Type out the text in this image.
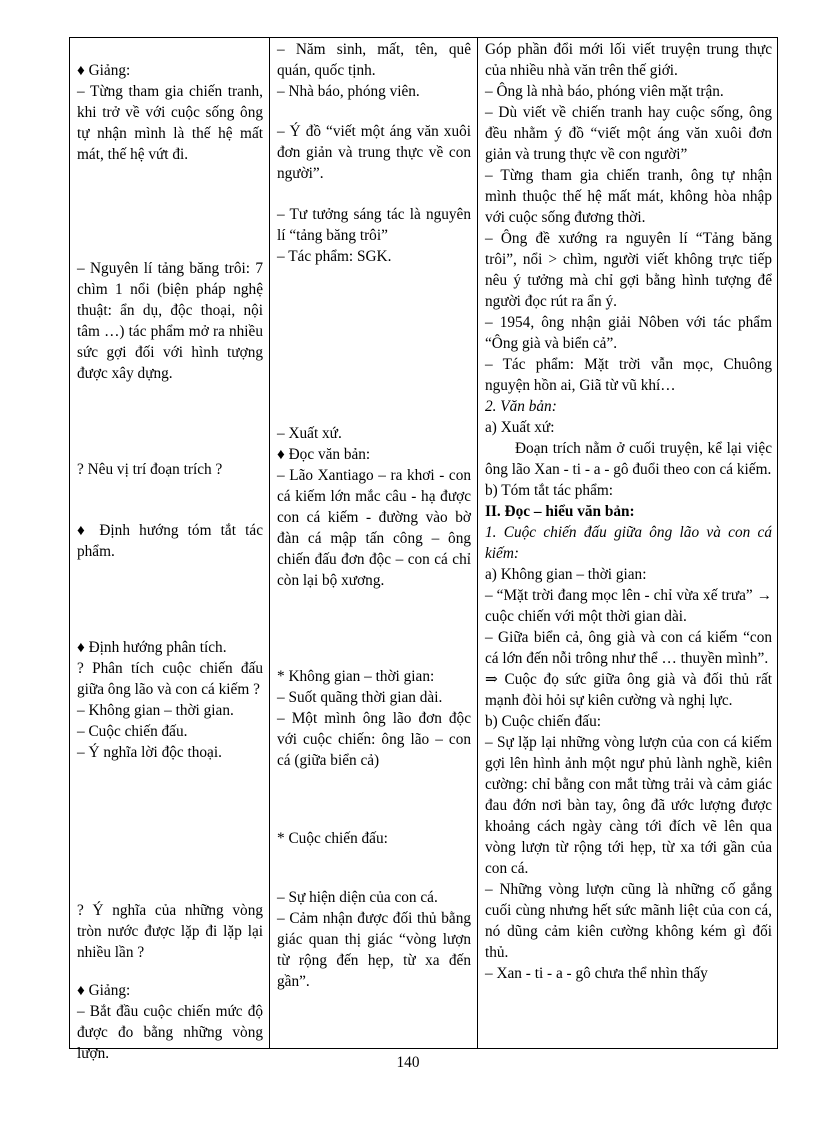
♦ Giảng:

– Từng tham gia chiến tranh, khi trở về với cuộc sống ông tự nhận mình là thế hệ mất mát, thế hệ vứt đi.

– Nguyên lí tảng băng trôi: 7 chìm 1 nổi (biện pháp nghệ thuật: ẩn dụ, độc thoại, nội tâm …) tác phẩm mở ra nhiều sức gợi đối với hình tượng được xây dựng.

? Nêu vị trí đoạn trích ?

♦ Định hướng tóm tắt tác phẩm.

♦ Định hướng phân tích.

? Phân tích cuộc chiến đấu giữa ông lão và con cá kiếm ?

– Không gian – thời gian.

– Cuộc chiến đấu.

– Ý nghĩa lời độc thoại.

? Ý nghĩa của những vòng tròn nước được lặp đi lặp lại nhiều lần ?

♦ Giảng:

– Bắt đầu cuộc chiến mức độ được đo bằng những vòng lượn.

– Năm sinh, mất, tên, quê quán, quốc tịnh.

– Nhà báo, phóng viên.

– Ý đồ “viết một áng văn xuôi đơn giản và trung thực về con người”.

– Tư tưởng sáng tác là nguyên lí “tảng băng trôi”

– Tác phẩm: SGK.

– Xuất xứ.

♦ Đọc văn bản:

– Lão Xantiago – ra khơi - con cá kiếm lớn mắc câu - hạ được con cá kiếm - đường vào bờ đàn cá mập tấn công – ông chiến đấu đơn độc – con cá chỉ còn lại bộ xương.

* Không gian – thời gian:

– Suốt quãng thời gian dài.

– Một mình ông lão đơn độc với cuộc chiến: ông lão – con cá (giữa biển cả)

* Cuộc chiến đấu:

– Sự hiện diện của con cá.

– Cảm nhận được đối thủ bằng giác quan thị giác “vòng lượn từ rộng đến hẹp, từ xa đến gần”.

Góp phần đổi mới lối viết truyện trung thực của nhiều nhà văn trên thế giới.

– Ông là nhà báo, phóng viên mặt trận.

– Dù viết về chiến tranh hay cuộc sống, ông đều nhằm ý đồ “viết một áng văn xuôi đơn giản và trung thực về con người”

– Từng tham gia chiến tranh, ông tự nhận mình thuộc thế hệ mất mát, không hòa nhập với cuộc sống đương thời.

– Ông đề xướng ra nguyên lí “Tảng băng trôi”, nổi > chìm, người viết không trực tiếp nêu ý tưởng mà chỉ gợi bằng hình tượng để người đọc rút ra ẩn ý.

– 1954, ông nhận giải Nôben với tác phẩm “Ông già và biển cả”.

– Tác phẩm: Mặt trời vẫn mọc, Chuông nguyện hồn ai, Giã từ vũ khí…

2. Văn bản:

a) Xuất xứ:

Đoạn trích nằm ở cuối truyện, kể lại việc ông lão Xan - ti - a - gô đuổi theo con cá kiếm.

b) Tóm tắt tác phẩm:

II. Đọc – hiểu văn bản:

1. Cuộc chiến đấu giữa ông lão và con cá kiếm:

a) Không gian – thời gian:

– “Mặt trời đang mọc lên - chỉ vừa xế trưa” → cuộc chiến với một thời gian dài.

– Giữa biển cả, ông già và con cá kiếm “con cá lớn đến nỗi trông như thể … thuyền mình”.

⇒ Cuộc đọ sức giữa ông già và đối thủ rất mạnh đòi hỏi sự kiên cường và nghị lực.

b) Cuộc chiến đấu:

– Sự lặp lại những vòng lượn của con cá kiếm gợi lên hình ảnh một ngư phủ lành nghề, kiên cường: chỉ bằng con mắt từng trải và cảm giác đau đớn nơi bàn tay, ông đã ước lượng được khoảng cách ngày càng tới đích vẽ lên qua vòng lượn từ rộng tới hẹp, từ xa tới gần của con cá.

– Những vòng lượn cũng là những cố gắng cuối cùng nhưng hết sức mãnh liệt của con cá, nó dũng cảm kiên cường không kém gì đối thủ.

– Xan - ti - a - gô chưa thể nhìn thấy

140
